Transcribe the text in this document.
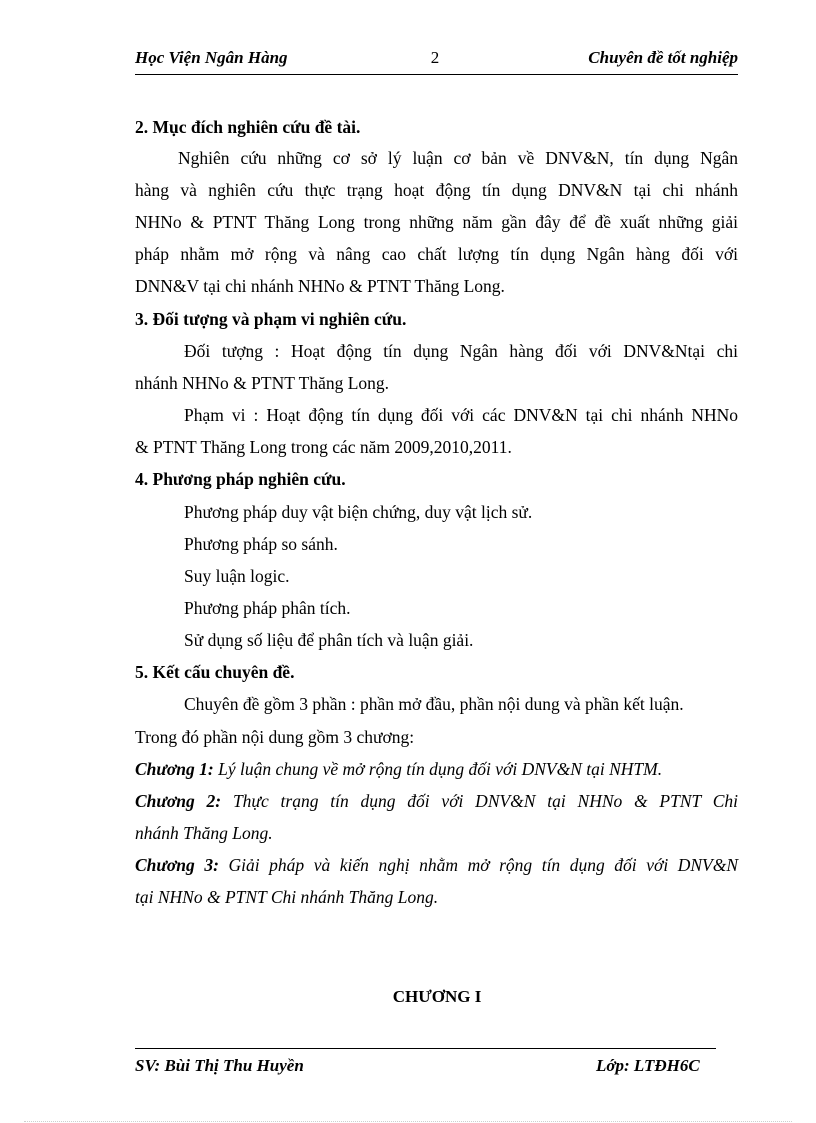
Học Viện Ngân Hàng	2	Chuyên đề tốt nghiệp
2. Mục đích nghiên cứu đề tài.
Nghiên cứu những cơ sở lý luận cơ bản về DNV&N, tín dụng Ngân
hàng và nghiên cứu thực trạng hoạt động tín dụng DNV&N tại chi nhánh
NHNo & PTNT Thăng Long trong những năm gần đây để đề xuất những giải
pháp nhằm mở rộng và nâng cao chất lượng tín dụng Ngân hàng đối với
DNN&V tại chi nhánh NHNo & PTNT Thăng Long.
3. Đối tượng và phạm vi nghiên cứu.
Đối tượng : Hoạt động tín dụng Ngân hàng đối với DNV&Ntại chi
nhánh NHNo & PTNT Thăng Long.
Phạm vi : Hoạt động tín dụng đối với các DNV&N tại chi nhánh NHNo
& PTNT Thăng Long trong các năm 2009,2010,2011.
4. Phương pháp nghiên cứu.
Phương pháp duy vật biện chứng, duy vật lịch sử.
Phương pháp so sánh.
Suy luận logic.
Phương pháp phân tích.
Sử dụng số liệu để phân tích và luận giải.
5. Kết cấu chuyên đề.
Chuyên đề gồm 3 phần : phần mở đầu, phần nội dung và phần kết luận.
Trong đó phần nội dung gồm 3 chương:
Chương 1: Lý luận chung về mở rộng tín dụng đối với DNV&N tại NHTM.
Chương 2: Thực trạng tín dụng đối với DNV&N tại NHNo & PTNT Chi
nhánh Thăng Long.
Chương 3: Giải pháp và kiến nghị nhằm mở rộng tín dụng đối với DNV&N
tại NHNo & PTNT Chi nhánh Thăng Long.
CHƯƠNG I
SV: Bùi Thị Thu Huyền	Lớp: LTĐH6C
